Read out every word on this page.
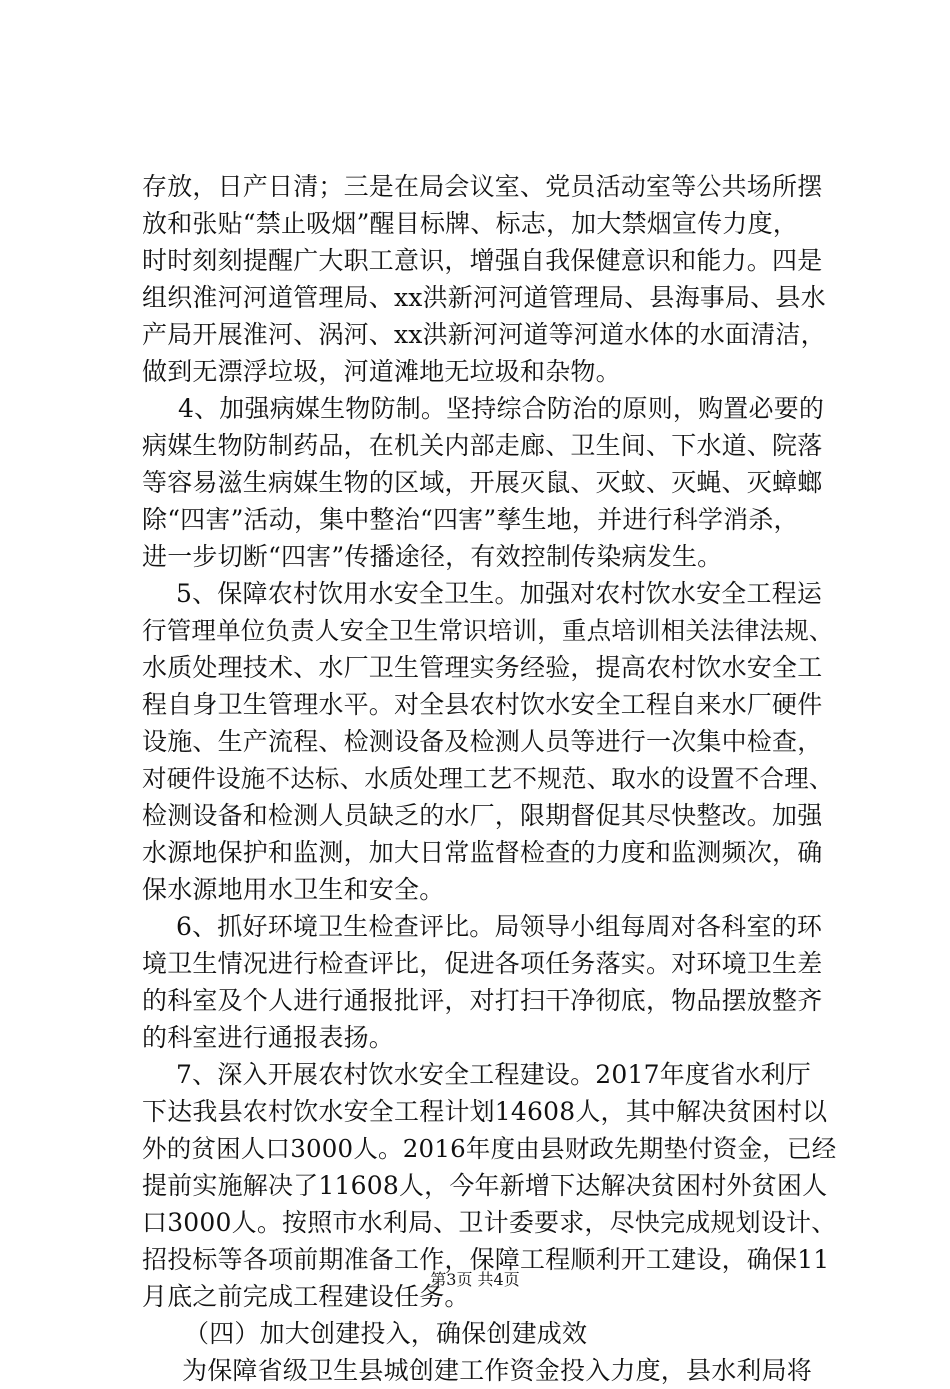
存放，日产日清；三是在局会议室、党员活动室等公共场所摆
放和张贴“禁止吸烟”醒目标牌、标志，加大禁烟宣传力度，
时时刻刻提醒广大职工意识，增强自我保健意识和能力。四是
组织淮河河道管理局、xx洪新河河道管理局、县海事局、县水
产局开展淮河、涡河、xx洪新河河道等河道水体的水面清洁，
做到无漂浮垃圾，河道滩地无垃圾和杂物。
4、加强病媒生物防制。坚持综合防治的原则，购置必要的
病媒生物防制药品，在机关内部走廊、卫生间、下水道、院落
等容易滋生病媒生物的区域，开展灭鼠、灭蚊、灭蝇、灭蟑螂
除“四害”活动，集中整治“四害”孳生地，并进行科学消杀，
进一步切断“四害”传播途径，有效控制传染病发生。
5、保障农村饮用水安全卫生。加强对农村饮水安全工程运
行管理单位负责人安全卫生常识培训，重点培训相关法律法规、
水质处理技术、水厂卫生管理实务经验，提高农村饮水安全工
程自身卫生管理水平。对全县农村饮水安全工程自来水厂硬件
设施、生产流程、检测设备及检测人员等进行一次集中检查，
对硬件设施不达标、水质处理工艺不规范、取水的设置不合理、
检测设备和检测人员缺乏的水厂，限期督促其尽快整改。加强
水源地保护和监测，加大日常监督检查的力度和监测频次，确
保水源地用水卫生和安全。
6、抓好环境卫生检查评比。局领导小组每周对各科室的环
境卫生情况进行检查评比，促进各项任务落实。对环境卫生差
的科室及个人进行通报批评，对打扫干净彻底，物品摆放整齐
的科室进行通报表扬。
7、深入开展农村饮水安全工程建设。2017年度省水利厅
下达我县农村饮水安全工程计划14608人，其中解决贫困村以
外的贫困人口3000人。2016年度由县财政先期垫付资金，已经
提前实施解决了11608人，今年新增下达解决贫困村外贫困人
口3000人。按照市水利局、卫计委要求，尽快完成规划设计、
招投标等各项前期准备工作，保障工程顺利开工建设，确保11
月底之前完成工程建设任务。
（四）加大创建投入，确保创建成效
为保障省级卫生县城创建工作资金投入力度，县水利局将
第3页 共4页
